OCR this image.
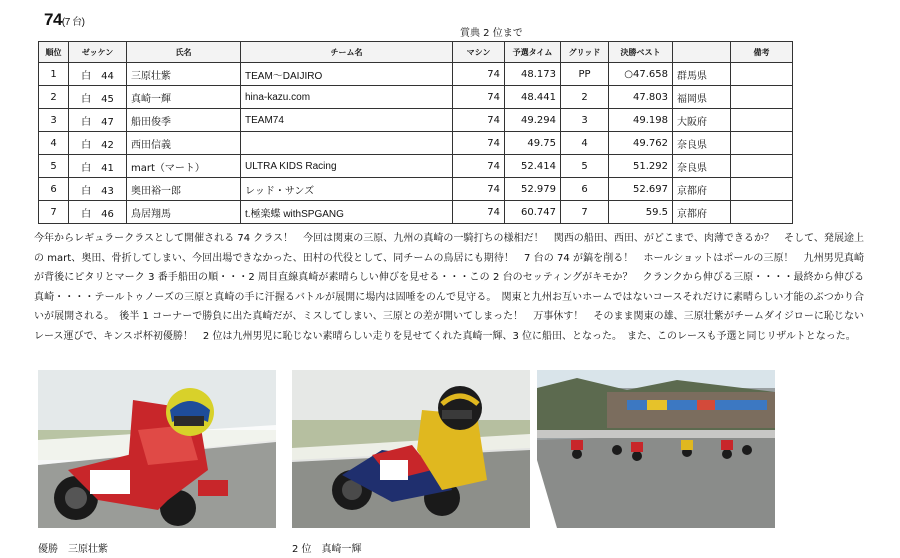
74(7 台)
賞典 2 位まで
順位	ゼッケン	氏名	チーム名	マシン	予選タイム	グリッド	決勝ベスト		備考
1	白 44	三原壮紫	TEAM〜DAIJIRO	74	48.173	PP	○47.658	群馬県	
2	白 45	真崎一輝	hina-kazu.com	74	48.441	2	47.803	福岡県	
3	白 47	船田俊季	TEAM74	74	49.294	3	49.198	大阪府	
4	白 42	西田信義		74	49.75	4	49.762	奈良県	
5	白 41	mart（マート）	ULTRA KIDS Racing	74	52.414	5	51.292	奈良県	
6	白 43	奥田裕一郎	レッド・サンズ	74	52.979	6	52.697	京都府	
7	白 46	鳥居翔馬	t.極楽蝶 withSPGANG	74	60.747	7	59.5	京都府	
今年からレギュラークラスとして開催される 74 クラス！　今回は関東の三原、九州の真崎の一騎打ちの様相だ！　関西の船田、西田、がどこまで、肉薄できるか？　そして、発展途上の mart、奥田、骨折してしまい、今回出場できなかった、田村の代役として、同チームの鳥居にも期待！　7 台の 74 が鎬を削る！　ホールショットはポールの三原！　九州男児真崎が背後にピタリとマーク 3 番手船田の順・・・2 周目直線真崎が素晴らしい伸びを見せる・・・この 2 台のセッティングがキモか？　クランクから伸びる三原・・・・最終から伸びる真崎・・・・テールトゥノーズの三原と真崎の手に汗握るバトルが展開に場内は固唾をのんで見守る。　関東と九州お互いホームではないコースそれだけに素晴らしい才能のぶつかり合いが展開される。　後半 1 コーナーで勝負に出た真崎だが、ミスしてしまい、三原との差が開いてしまった！　万事休す！　そのまま関東の雄、三原壮紫がチームダイジローに恥じないレース運びで、キンスポ杯初優勝！　2 位は九州男児に恥じない素晴らしい走りを見せてくれた真崎一輝、3 位に船田、となった。　また、このレースも予選と同じリザルトとなった。
優勝　三原壮紫	2 位　真崎一輝
